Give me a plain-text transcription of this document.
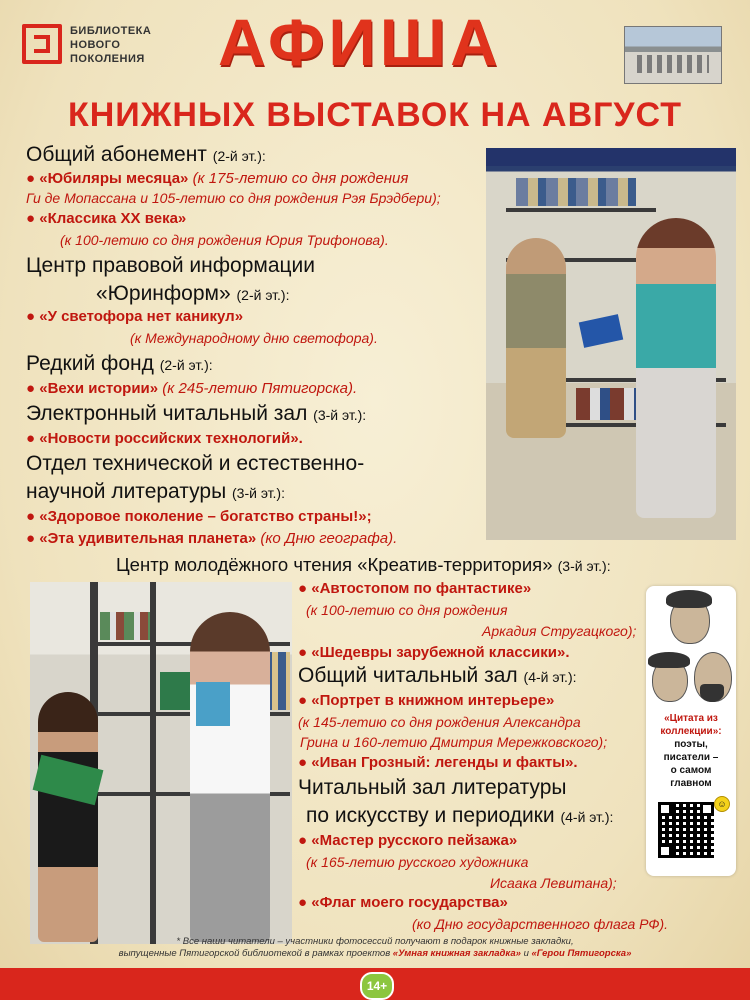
БИБЛИОТЕКА
НОВОГО
ПОКОЛЕНИЯ АФИША
КНИЖНЫХ ВЫСТАВОК НА АВГУСТ
Общий абонемент (2-й эт.):
● «Юбиляры месяца» (к 175-летию со дня рождения
Ги де Мопассана и 105-летию со дня рождения Рэя Брэдбери);
● «Классика ХХ века»
(к 100-летию со дня рождения Юрия Трифонова).
Центр правовой информации
«Юринформ» (2-й эт.):
● «У светофора нет каникул»
(к Международному дню светофора).
Редкий фонд (2-й эт.):
● «Вехи истории» (к 245-летию Пятигорска).
Электронный читальный зал (3-й эт.):
● «Новости российских технологий».
Отдел технической и естественно-
научной литературы (3-й эт.):
● «Здоровое поколение – богатство страны!»;
● «Эта удивительная планета» (ко Дню географа).
Центр молодёжного чтения «Креатив-территория» (3-й эт.):
● «Автостопом по фантастике»
(к 100-летию со дня рождения
Аркадия Стругацкого);
● «Шедевры зарубежной классики».
Общий читальный зал (4-й эт.):
● «Портрет в книжном интерьере»
(к 145-летию со дня рождения Александра
Грина и 160-летию Дмитрия Мережковского);
● «Иван Грозный: легенды и факты».
Читальный зал литературы
по искусству и периодики (4-й эт.):
● «Мастер русского пейзажа»
(к 165-летию русского художника
Исаака Левитана);
● «Флаг моего государства»
(ко Дню государственного флага РФ).
«Цитата из
коллекции»:
поэты,
писатели –
о самом
главном
☺
* Все наши читатели – участники фотосессий получают в подарок книжные закладки,
выпущенные Пятигорской библиотекой в рамках проектов «Умная книжная закладка» и «Герои Пятигорска»
14+
